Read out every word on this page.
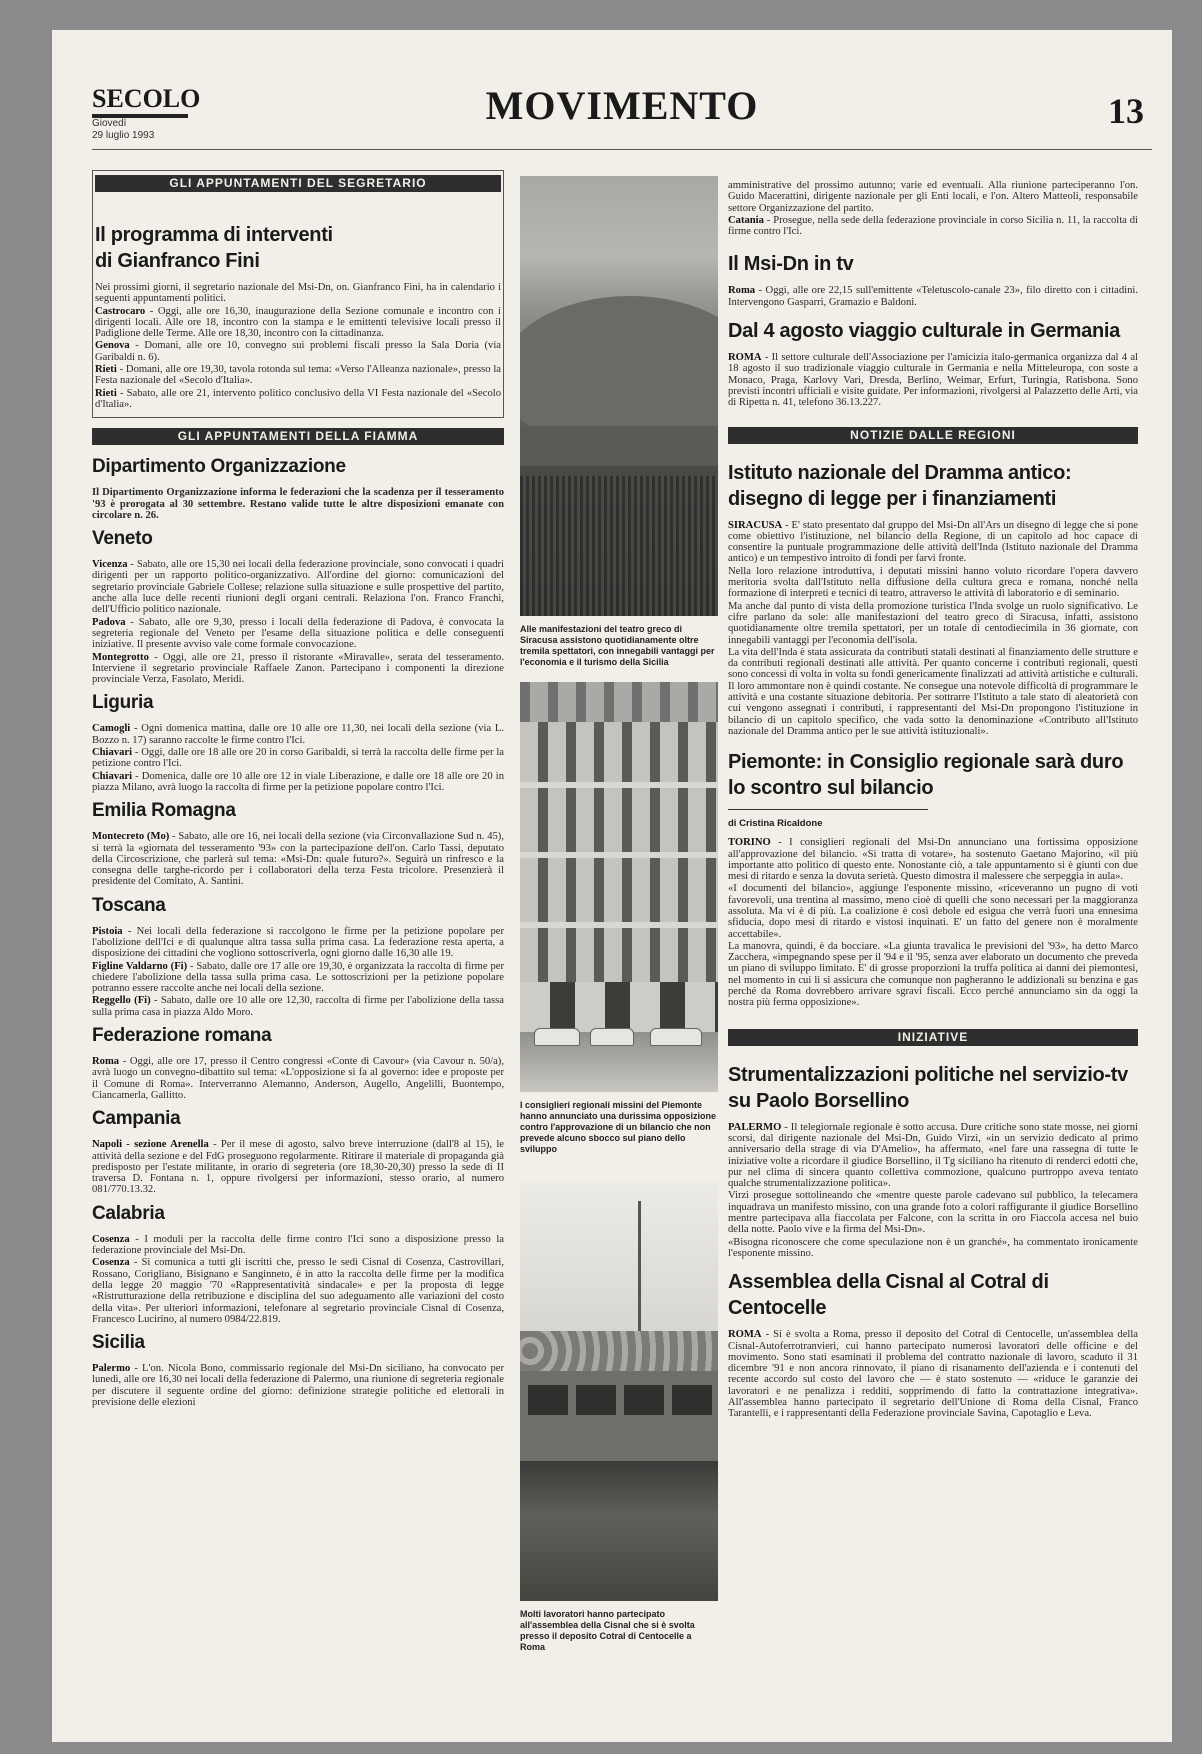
SECOLO
Giovedì
29 luglio 1993
MOVIMENTO	13
GLI APPUNTAMENTI DEL SEGRETARIO
Il programma di interventi di Gianfranco Fini

Nei prossimi giorni, il segretario nazionale del Msi-Dn, on. Gianfranco Fini, ha in calendario i seguenti appuntamenti politici.

Castrocaro - Oggi, alle ore 16,30, inaugurazione della Sezione comunale e incontro con i dirigenti locali. Alle ore 18, incontro con la stampa e le emittenti televisive locali presso il Padiglione delle Terme. Alle ore 18,30, incontro con la cittadinanza.

Genova - Domani, alle ore 10, convegno sui problemi fiscali presso la Sala Doria (via Garibaldi n. 6).

Rieti - Domani, alle ore 19,30, tavola rotonda sul tema: «Verso l'Alleanza nazionale», presso la Festa nazionale del «Secolo d'Italia».

Rieti - Sabato, alle ore 21, intervento politico conclusivo della VI Festa nazionale del «Secolo d'Italia».

GLI APPUNTAMENTI DELLA FIAMMA
Dipartimento Organizzazione

Il Dipartimento Organizzazione informa le federazioni che la scadenza per il tesseramento '93 è prorogata al 30 settembre. Restano valide tutte le altre disposizioni emanate con circolare n. 26.

Veneto

Vicenza - Sabato, alle ore 15,30 nei locali della federazione provinciale, sono convocati i quadri dirigenti per un rapporto politico-organizzativo. All'ordine del giorno: comunicazioni del segretario provinciale Gabriele Collese; relazione sulla situazione e sulle prospettive del partito, anche alla luce delle recenti riunioni degli organi centrali. Relaziona l'on. Franco Franchi, dell'Ufficio politico nazionale.

Padova - Sabato, alle ore 9,30, presso i locali della federazione di Padova, è convocata la segreteria regionale del Veneto per l'esame della situazione politica e delle conseguenti iniziative. Il presente avviso vale come formale convocazione.

Montegrotto - Oggi, alle ore 21, presso il ristorante «Miravalle», serata del tesseramento. Interviene il segretario provinciale Raffaele Zanon. Partecipano i componenti la direzione provinciale Verza, Fasolato, Meridi.

Liguria

Camogli - Ogni domenica mattina, dalle ore 10 alle ore 11,30, nei locali della sezione (via L. Bozzo n. 17) saranno raccolte le firme contro l'Ici.

Chiavari - Oggi, dalle ore 18 alle ore 20 in corso Garibaldi, si terrà la raccolta delle firme per la petizione contro l'Ici.

Chiavari - Domenica, dalle ore 10 alle ore 12 in viale Liberazione, e dalle ore 18 alle ore 20 in piazza Milano, avrà luogo la raccolta di firme per la petizione popolare contro l'Ici.

Emilia Romagna

Montecreto (Mo) - Sabato, alle ore 16, nei locali della sezione (via Circonvallazione Sud n. 45), si terrà la «giornata del tesseramento '93» con la partecipazione dell'on. Carlo Tassi, deputato della Circoscrizione, che parlerà sul tema: «Msi-Dn: quale futuro?». Seguirà un rinfresco e la consegna delle targhe-ricordo per i collaboratori della terza Festa tricolore. Presenzierà il presidente del Comitato, A. Santini.

Toscana

Pistoia - Nei locali della federazione si raccolgono le firme per la petizione popolare per l'abolizione dell'Ici e di qualunque altra tassa sulla prima casa. La federazione resta aperta, a disposizione dei cittadini che vogliono sottoscriverla, ogni giorno dalle 16,30 alle 19.

Figline Valdarno (Fi) - Sabato, dalle ore 17 alle ore 19,30, è organizzata la raccolta di firme per chiedere l'abolizione della tassa sulla prima casa. Le sottoscrizioni per la petizione popolare potranno essere raccolte anche nei locali della sezione.

Reggello (Fi) - Sabato, dalle ore 10 alle ore 12,30, raccolta di firme per l'abolizione della tassa sulla prima casa in piazza Aldo Moro.

Federazione romana

Roma - Oggi, alle ore 17, presso il Centro congressi «Conte di Cavour» (via Cavour n. 50/a), avrà luogo un convegno-dibattito sul tema: «L'opposizione si fa al governo: idee e proposte per il Comune di Roma». Interverranno Alemanno, Anderson, Augello, Angelilli, Buontempo, Ciancamerla, Gallitto.

Campania

Napoli - sezione Arenella - Per il mese di agosto, salvo breve interruzione (dall'8 al 15), le attività della sezione e del FdG proseguono regolarmente. Ritirare il materiale di propaganda già predisposto per l'estate militante, in orario di segreteria (ore 18,30-20,30) presso la sede di II traversa D. Fontana n. 1, oppure rivolgersi per informazioni, stesso orario, al numero 081/770.13.32.

Calabria

Cosenza - I moduli per la raccolta delle firme contro l'Ici sono a disposizione presso la federazione provinciale del Msi-Dn.

Cosenza - Si comunica a tutti gli iscritti che, presso le sedi Cisnal di Cosenza, Castrovillari, Rossano, Corigliano, Bisignano e Sanginneto, è in atto la raccolta delle firme per la modifica della legge 20 maggio '70 «Rappresentatività sindacale» e per la proposta di legge «Ristrutturazione della retribuzione e disciplina del suo adeguamento alle variazioni del costo della vita». Per ulteriori informazioni, telefonare al segretario provinciale Cisnal di Cosenza, Francesco Lucirino, al numero 0984/22.819.

Sicilia

Palermo - L'on. Nicola Bono, commissario regionale del Msi-Dn siciliano, ha convocato per lunedì, alle ore 16,30 nei locali della federazione di Palermo, una riunione di segreteria regionale per discutere il seguente ordine del giorno: definizione strategie politiche ed elettorali in previsione delle elezioni

Alle manifestazioni del teatro greco di Siracusa assistono quotidianamente oltre tremila spettatori, con innegabili vantaggi per l'economia e il turismo della Sicilia
I consiglieri regionali missini del Piemonte hanno annunciato una durissima opposizione contro l'approvazione di un bilancio che non prevede alcuno sbocco sul piano dello sviluppo
Molti lavoratori hanno partecipato all'assemblea della Cisnal che si è svolta presso il deposito Cotral di Centocelle a Roma

amministrative del prossimo autunno; varie ed eventuali. Alla riunione parteciperanno l'on. Guido Macerattini, dirigente nazionale per gli Enti locali, e l'on. Altero Matteoli, responsabile settore Organizzazione del partito.

Catania - Prosegue, nella sede della federazione provinciale in corso Sicilia n. 11, la raccolta di firme contro l'Ici.

Il Msi-Dn in tv

Roma - Oggi, alle ore 22,15 sull'emittente «Teletuscolo-canale 23», filo diretto con i cittadini. Intervengono Gasparri, Gramazio e Baldoni.

Dal 4 agosto viaggio culturale in Germania

ROMA - Il settore culturale dell'Associazione per l'amicizia italo-germanica organizza dal 4 al 18 agosto il suo tradizionale viaggio culturale in Germania e nella Mitteleuropa, con soste a Monaco, Praga, Karlovy Vari, Dresda, Berlino, Weimar, Erfurt, Turingia, Ratisbona. Sono previsti incontri ufficiali e visite guidate. Per informazioni, rivolgersi al Palazzetto delle Arti, via di Ripetta n. 41, telefono 36.13.227.

NOTIZIE DALLE REGIONI
Istituto nazionale del Dramma antico: disegno di legge per i finanziamenti

SIRACUSA - E' stato presentato dal gruppo del Msi-Dn all'Ars un disegno di legge che si pone come obiettivo l'istituzione, nel bilancio della Regione, di un capitolo ad hoc capace di consentire la puntuale programmazione delle attività dell'Inda (Istituto nazionale del Dramma antico) e un tempestivo introito di fondi per farvi fronte.

Nella loro relazione introduttiva, i deputati missini hanno voluto ricordare l'opera davvero meritoria svolta dall'Istituto nella diffusione della cultura greca e romana, nonché nella formazione di interpreti e tecnici di teatro, attraverso le attività di laboratorio e di seminario.

Ma anche dal punto di vista della promozione turistica l'Inda svolge un ruolo significativo. Le cifre parlano da sole: alle manifestazioni del teatro greco di Siracusa, infatti, assistono quotidianamente oltre tremila spettatori, per un totale di centodiecimila in 36 giornate, con innegabili vantaggi per l'economia dell'isola.

La vita dell'Inda è stata assicurata da contributi statali destinati al finanziamento delle strutture e da contributi regionali destinati alle attività. Per quanto concerne i contributi regionali, questi sono concessi di volta in volta su fondi genericamente finalizzati ad attività artistiche e culturali. Il loro ammontare non è quindi costante. Ne consegue una notevole difficoltà di programmare le attività e una costante situazione debitoria. Per sottrarre l'Istituto a tale stato di aleatorietà con cui vengono assegnati i contributi, i rappresentanti del Msi-Dn propongono l'istituzione in bilancio di un capitolo specifico, che vada sotto la denominazione «Contributo all'Istituto nazionale del Dramma antico per le sue attività istituzionali».

Piemonte: in Consiglio regionale sarà duro lo scontro sul bilancio
di Cristina Ricaldone

TORINO - I consiglieri regionali del Msi-Dn annunciano una fortissima opposizione all'approvazione del bilancio. «Si tratta di votare», ha sostenuto Gaetano Majorino, «il più importante atto politico di questo ente. Nonostante ciò, a tale appuntamento si è giunti con due mesi di ritardo e senza la dovuta serietà. Questo dimostra il malessere che serpeggia in aula».

«I documenti del bilancio», aggiunge l'esponente missino, «riceveranno un pugno di voti favorevoli, una trentina al massimo, meno cioè di quelli che sono necessari per la maggioranza assoluta. Ma vi è di più. La coalizione è così debole ed esigua che verrà fuori una ennesima sfiducia, dopo mesi di ritardo e vistosi inquinati. E' un fatto del genere non è moralmente accettabile».

La manovra, quindi, è da bocciare. «La giunta travalica le previsioni del '93», ha detto Marco Zacchera, «impegnando spese per il '94 e il '95, senza aver elaborato un documento che preveda un piano di sviluppo limitato. E' di grosse proporzioni la truffa politica ai danni dei piemontesi, nel momento in cui li si assicura che comunque non pagheranno le addizionali su benzina e gas perché da Roma dovrebbero arrivare sgravi fiscali. Ecco perché annunciamo sin da oggi la nostra più ferma opposizione».

INIZIATIVE
Strumentalizzazioni politiche nel servizio-tv su Paolo Borsellino

PALERMO - Il telegiornale regionale è sotto accusa. Dure critiche sono state mosse, nei giorni scorsi, dal dirigente nazionale del Msi-Dn, Guido Virzì, «in un servizio dedicato al primo anniversario della strage di via D'Amelio», ha affermato, «nel fare una rassegna di tutte le iniziative volte a ricordare il giudice Borsellino, il Tg siciliano ha ritenuto di renderci edotti che, pur nel clima di sincera quanto collettiva commozione, qualcuno purtroppo aveva tentato qualche strumentalizzazione politica».

Virzì prosegue sottolineando che «mentre queste parole cadevano sul pubblico, la telecamera inquadrava un manifesto missino, con una grande foto a colori raffigurante il giudice Borsellino mentre partecipava alla fiaccolata per Falcone, con la scritta in oro Fiaccola accesa nel buio della notte. Paolo vive e la firma del Msi-Dn».

«Bisogna riconoscere che come speculazione non è un granché», ha commentato ironicamente l'esponente missino.

Assemblea della Cisnal al Cotral di Centocelle

ROMA - Si è svolta a Roma, presso il deposito del Cotral di Centocelle, un'assemblea della Cisnal-Autoferrotranvieri, cui hanno partecipato numerosi lavoratori delle officine e del movimento. Sono stati esaminati il problema del contratto nazionale di lavoro, scaduto il 31 dicembre '91 e non ancora rinnovato, il piano di risanamento dell'azienda e i contenuti del recente accordo sul costo del lavoro che — è stato sostenuto — «riduce le garanzie dei lavoratori e ne penalizza i redditi, sopprimendo di fatto la contrattazione integrativa». All'assemblea hanno partecipato il segretario dell'Unione di Roma della Cisnal, Franco Tarantelli, e i rappresentanti della Federazione provinciale Savina, Capotaglio e Leva.
